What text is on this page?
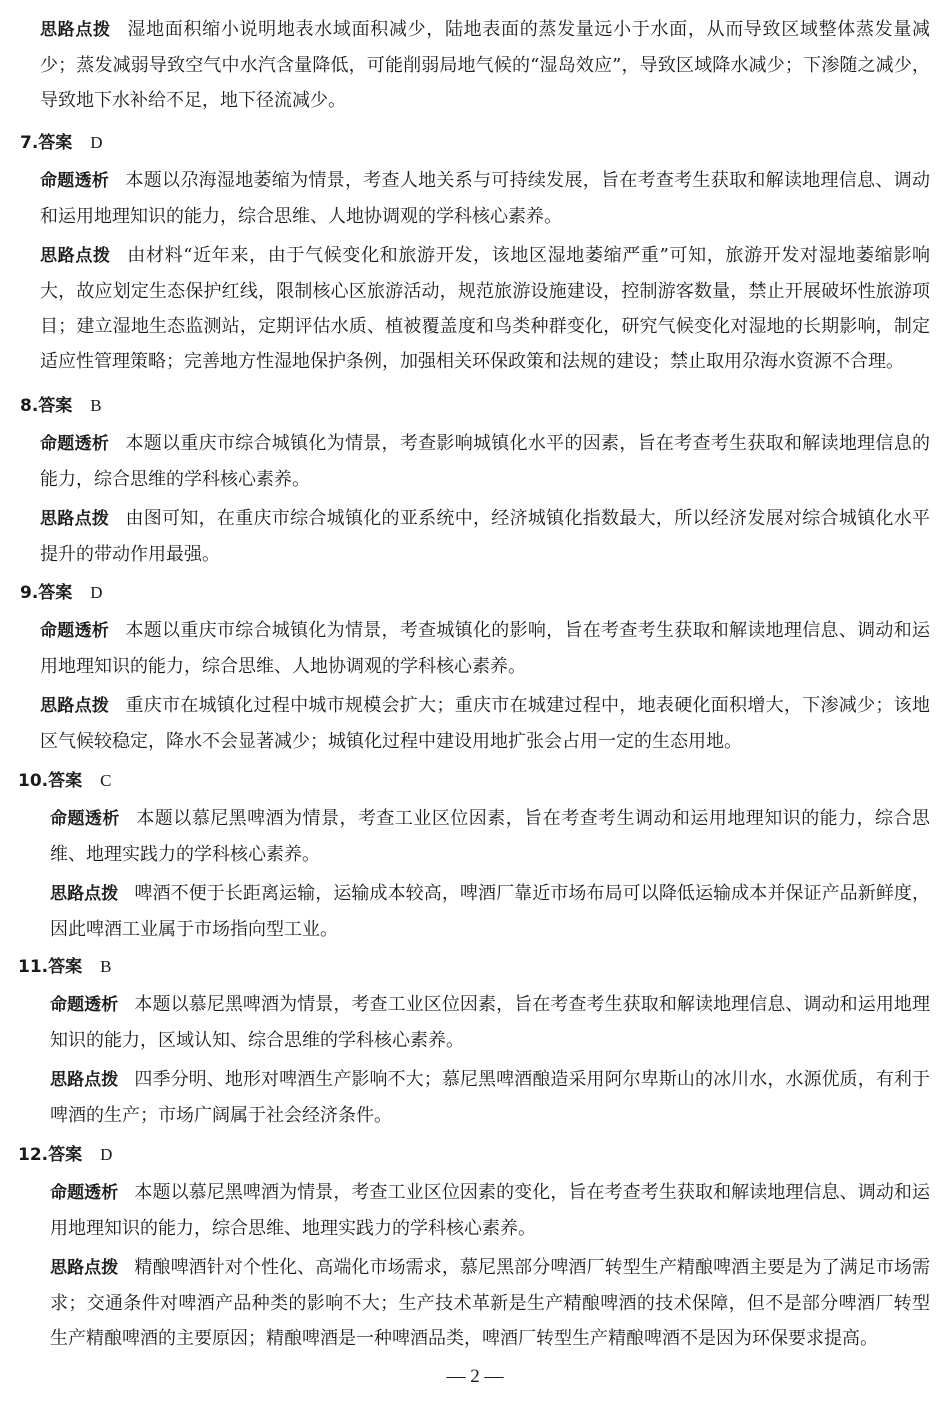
思路点拨 湿地面积缩小说明地表水域面积减少，陆地表面的蒸发量远小于水面，从而导致区域整体蒸发量减少；蒸发减弱导致空气中水汽含量降低，可能削弱局地气候的“湿岛效应”，导致区域降水减少；下渗随之减少，导致地下水补给不足，地下径流减少。

7.答案 D

命题透析 本题以尕海湿地萎缩为情景，考查人地关系与可持续发展，旨在考查考生获取和解读地理信息、调动和运用地理知识的能力，综合思维、人地协调观的学科核心素养。

思路点拨 由材料“近年来，由于气候变化和旅游开发，该地区湿地萎缩严重”可知，旅游开发对湿地萎缩影响大，故应划定生态保护红线，限制核心区旅游活动，规范旅游设施建设，控制游客数量，禁止开展破坏性旅游项目；建立湿地生态监测站，定期评估水质、植被覆盖度和鸟类种群变化，研究气候变化对湿地的长期影响，制定适应性管理策略；完善地方性湿地保护条例，加强相关环保政策和法规的建设；禁止取用尕海水资源不合理。

8.答案 B

命题透析 本题以重庆市综合城镇化为情景，考查影响城镇化水平的因素，旨在考查考生获取和解读地理信息的能力，综合思维的学科核心素养。

思路点拨 由图可知，在重庆市综合城镇化的亚系统中，经济城镇化指数最大，所以经济发展对综合城镇化水平提升的带动作用最强。

9.答案 D

命题透析 本题以重庆市综合城镇化为情景，考查城镇化的影响，旨在考查考生获取和解读地理信息、调动和运用地理知识的能力，综合思维、人地协调观的学科核心素养。

思路点拨 重庆市在城镇化过程中城市规模会扩大；重庆市在城建过程中，地表硬化面积增大，下渗减少；该地区气候较稳定，降水不会显著减少；城镇化过程中建设用地扩张会占用一定的生态用地。

10.答案 C

命题透析 本题以慕尼黑啤酒为情景，考查工业区位因素，旨在考查考生调动和运用地理知识的能力，综合思维、地理实践力的学科核心素养。

思路点拨 啤酒不便于长距离运输，运输成本较高，啤酒厂靠近市场布局可以降低运输成本并保证产品新鲜度，因此啤酒工业属于市场指向型工业。

11.答案 B

命题透析 本题以慕尼黑啤酒为情景，考查工业区位因素，旨在考查考生获取和解读地理信息、调动和运用地理知识的能力，区域认知、综合思维的学科核心素养。

思路点拨 四季分明、地形对啤酒生产影响不大；慕尼黑啤酒酿造采用阿尔卑斯山的冰川水，水源优质，有利于啤酒的生产；市场广阔属于社会经济条件。

12.答案 D

命题透析 本题以慕尼黑啤酒为情景，考查工业区位因素的变化，旨在考查考生获取和解读地理信息、调动和运用地理知识的能力，综合思维、地理实践力的学科核心素养。

思路点拨 精酿啤酒针对个性化、高端化市场需求，慕尼黑部分啤酒厂转型生产精酿啤酒主要是为了满足市场需求；交通条件对啤酒产品种类的影响不大；生产技术革新是生产精酿啤酒的技术保障，但不是部分啤酒厂转型生产精酿啤酒的主要原因；精酿啤酒是一种啤酒品类，啤酒厂转型生产精酿啤酒不是因为环保要求提高。

— 2 —
